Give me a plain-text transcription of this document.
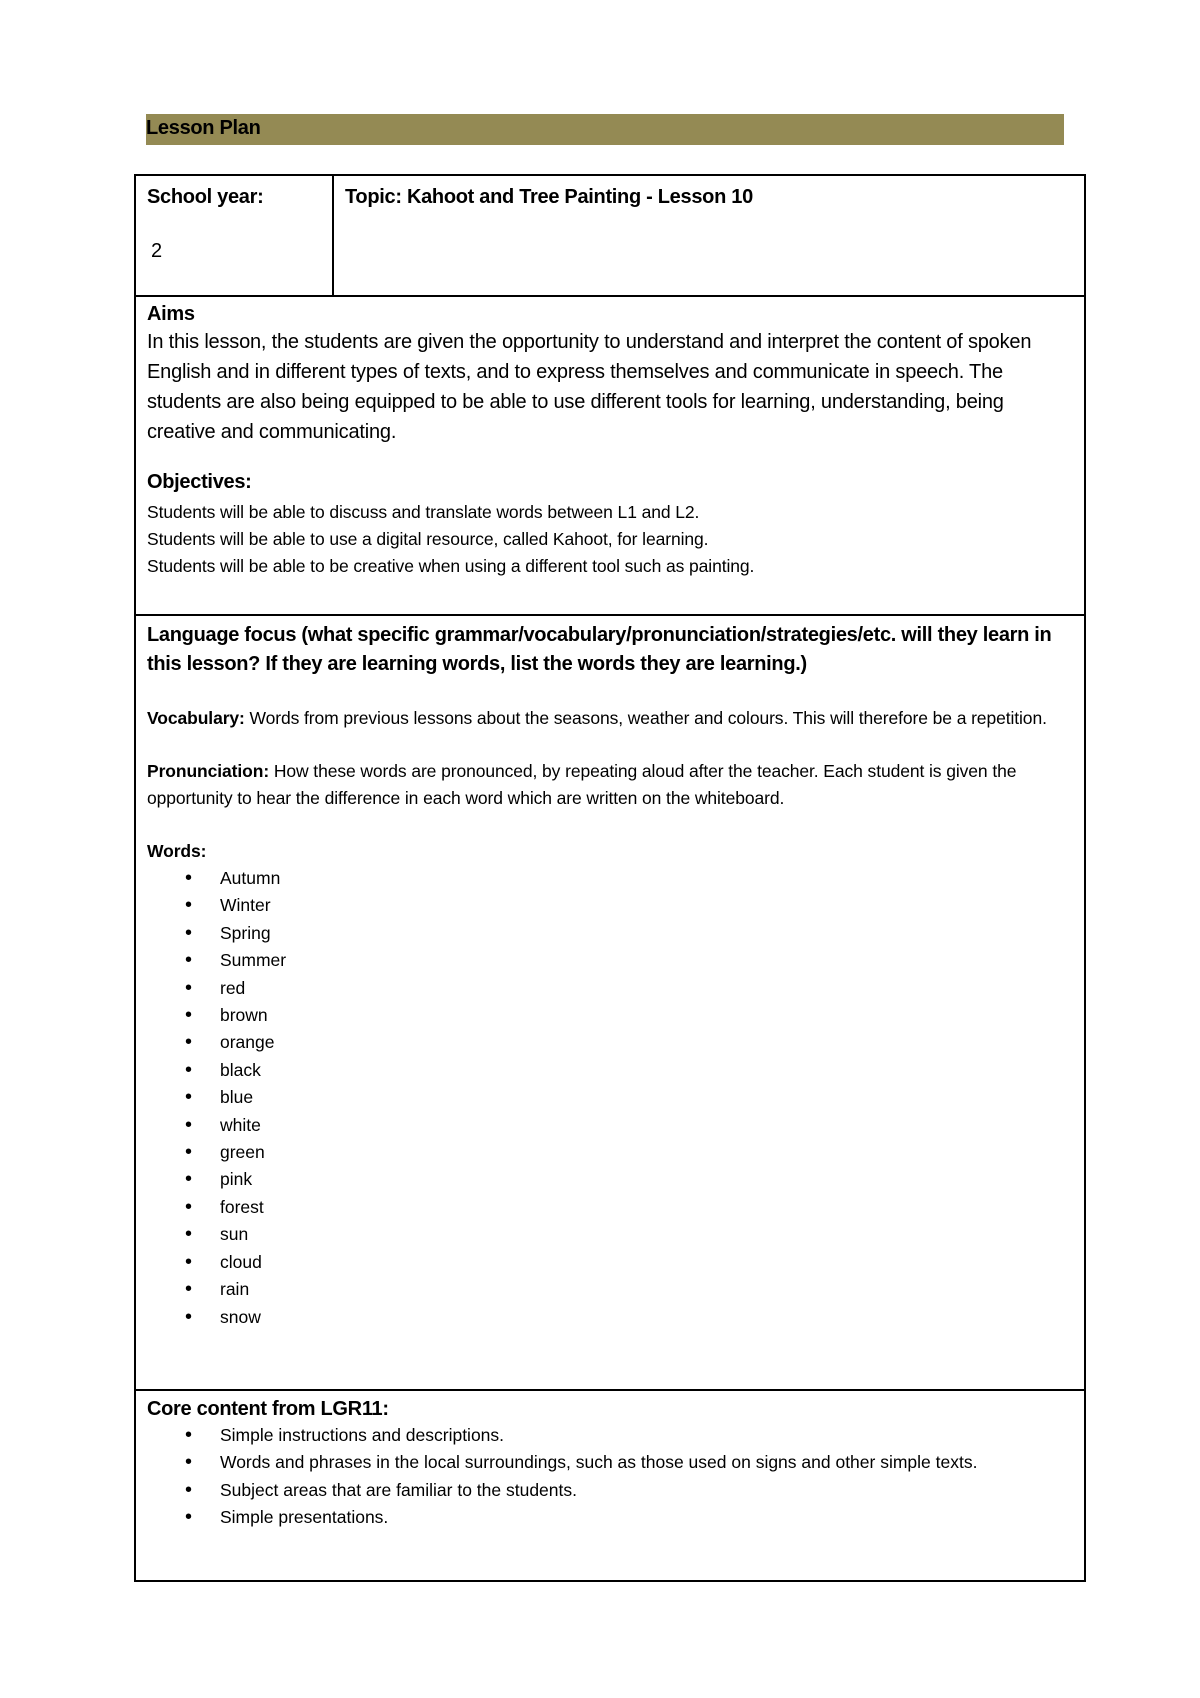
Lesson Plan
School year:
2

Topic: Kahoot and Tree Painting - Lesson 10

Aims
In this lesson, the students are given the opportunity to understand and interpret the content of spoken English and in different types of texts, and to express themselves and communicate in speech. The students are also being equipped to be able to use different tools for learning, understanding, being creative and communicating.
Objectives:
Students will be able to discuss and translate words between L1 and L2.
Students will be able to use a digital resource, called Kahoot, for learning.
Students will be able to be creative when using a different tool such as painting.

Language focus (what specific grammar/vocabulary/pronunciation/strategies/etc. will they learn in this lesson? If they are learning words, list the words they are learning.)
Vocabulary: Words from previous lessons about the seasons, weather and colours. This will therefore be a repetition.
Pronunciation: How these words are pronounced, by repeating aloud after the teacher. Each student is given the opportunity to hear the difference in each word which are written on the whiteboard.
Words:
• Autumn
• Winter
• Spring
• Summer
• red
• brown
• orange
• black
• blue
• white
• green
• pink
• forest
• sun
• cloud
• rain
• snow

Core content from LGR11:
• Simple instructions and descriptions.
• Words and phrases in the local surroundings, such as those used on signs and other simple texts.
• Subject areas that are familiar to the students.
• Simple presentations.
